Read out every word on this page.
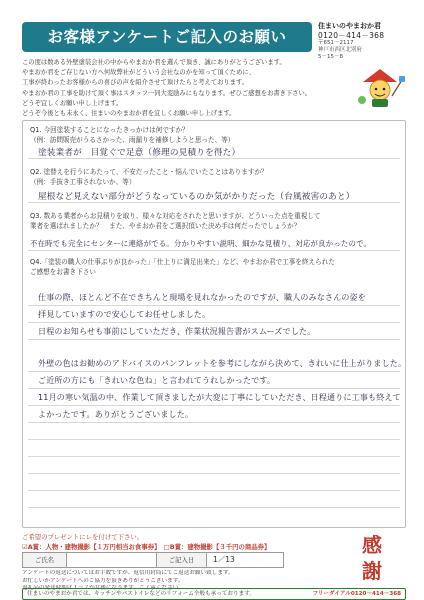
お客様アンケートご記入のお願い
住まいのやまおか君
0120－414－368
〒651－2117
神戸市西区北別府
5－15－8

この度は数ある外壁塗装会社の中からやまおか君を選んで頂き、誠にありがとうございます。

やまおか君をご存じない方へ何故弊社がどういう会社なのかを知って頂くために、

工事が終わったお客様からの喜びの声を紹介させて頂けたらと考えております。

やまおか君の工事を助けて頂く事はスタッフ一同大変励みにもなります。ぜひご感想をお書き下さい。

どうぞ宜しくお願い申し上げます。

どうぞ今後とも末永く、住まいのやまおか君を宜しくお願い申し上げます。

Q1. 今回塗装することになったきっかけは何ですか？
（例：訪問販売がうるさかった、雨漏りを補修しようと思った、等）
塗装業者が　目覚ぐで足意（修理の見積りを得た）
Q2. 塗替えを行うにあたって、不安だったこと・悩んでいたことはありますか？
（例：手抜き工事されないか、等）
屋根など見えない部分がどうなっているのか気がかりだった（台風被害のあと）
Q3. 数ある業者からお見積りを取り、様々な対応をされたと思いますが、どういった点を重視して
業者を選ばれましたか？　また、やまおか君をご選択頂いた決め手は何だったでしょうか？
不在時でも完全にセンターに連絡がでる。分かりやすい説明、細かな見積り、対応が良かったので。
Q4.「塗装の職人の仕事ぶりが良かった」「仕上りに満足出来た」など、やまおか君で工事を終えられた
ご感想をお書き下さい
仕事の際、ほとんど不在できちんと現場を見れなかったのですが、職人のみなさんの姿を
拝見していますので安心してお任せしました。
日程のお知らせも事前にしていただき、作業状況報告書がスムーズでした。
外壁の色はお勧めのアドバイスのパンフレットを参考にしながら決めて、きれいに仕上がりました。
ご近所の方にも「きれいな色ね」と言われてうれしかったです。
11月の寒い気温の中、作業して頂きましたが大変に丁寧にしていただき、日程通りに工事も終えて
よかったです。ありがとうございました。
ご希望のプレゼントにレを付けて下さい。
☑A賞：人物・建物撮影【１万円相当お食事券】　□B賞：建物撮影【３千円の商品券】
ご氏名	ご記入日	1／13

アンケートの返送についてはお手数ですが、返信用封筒にてご返送お願い致します。

お忙しいかアンケートへのご協力を頂きありがとうございます。

返礼品の発送時期は１～２か月後になります。ご了承ください。

感
謝
住まいのやまおか君では、キッチンやバストイレなどのリフォーム全般も承っております。	フリーダイアル0120－414－368
